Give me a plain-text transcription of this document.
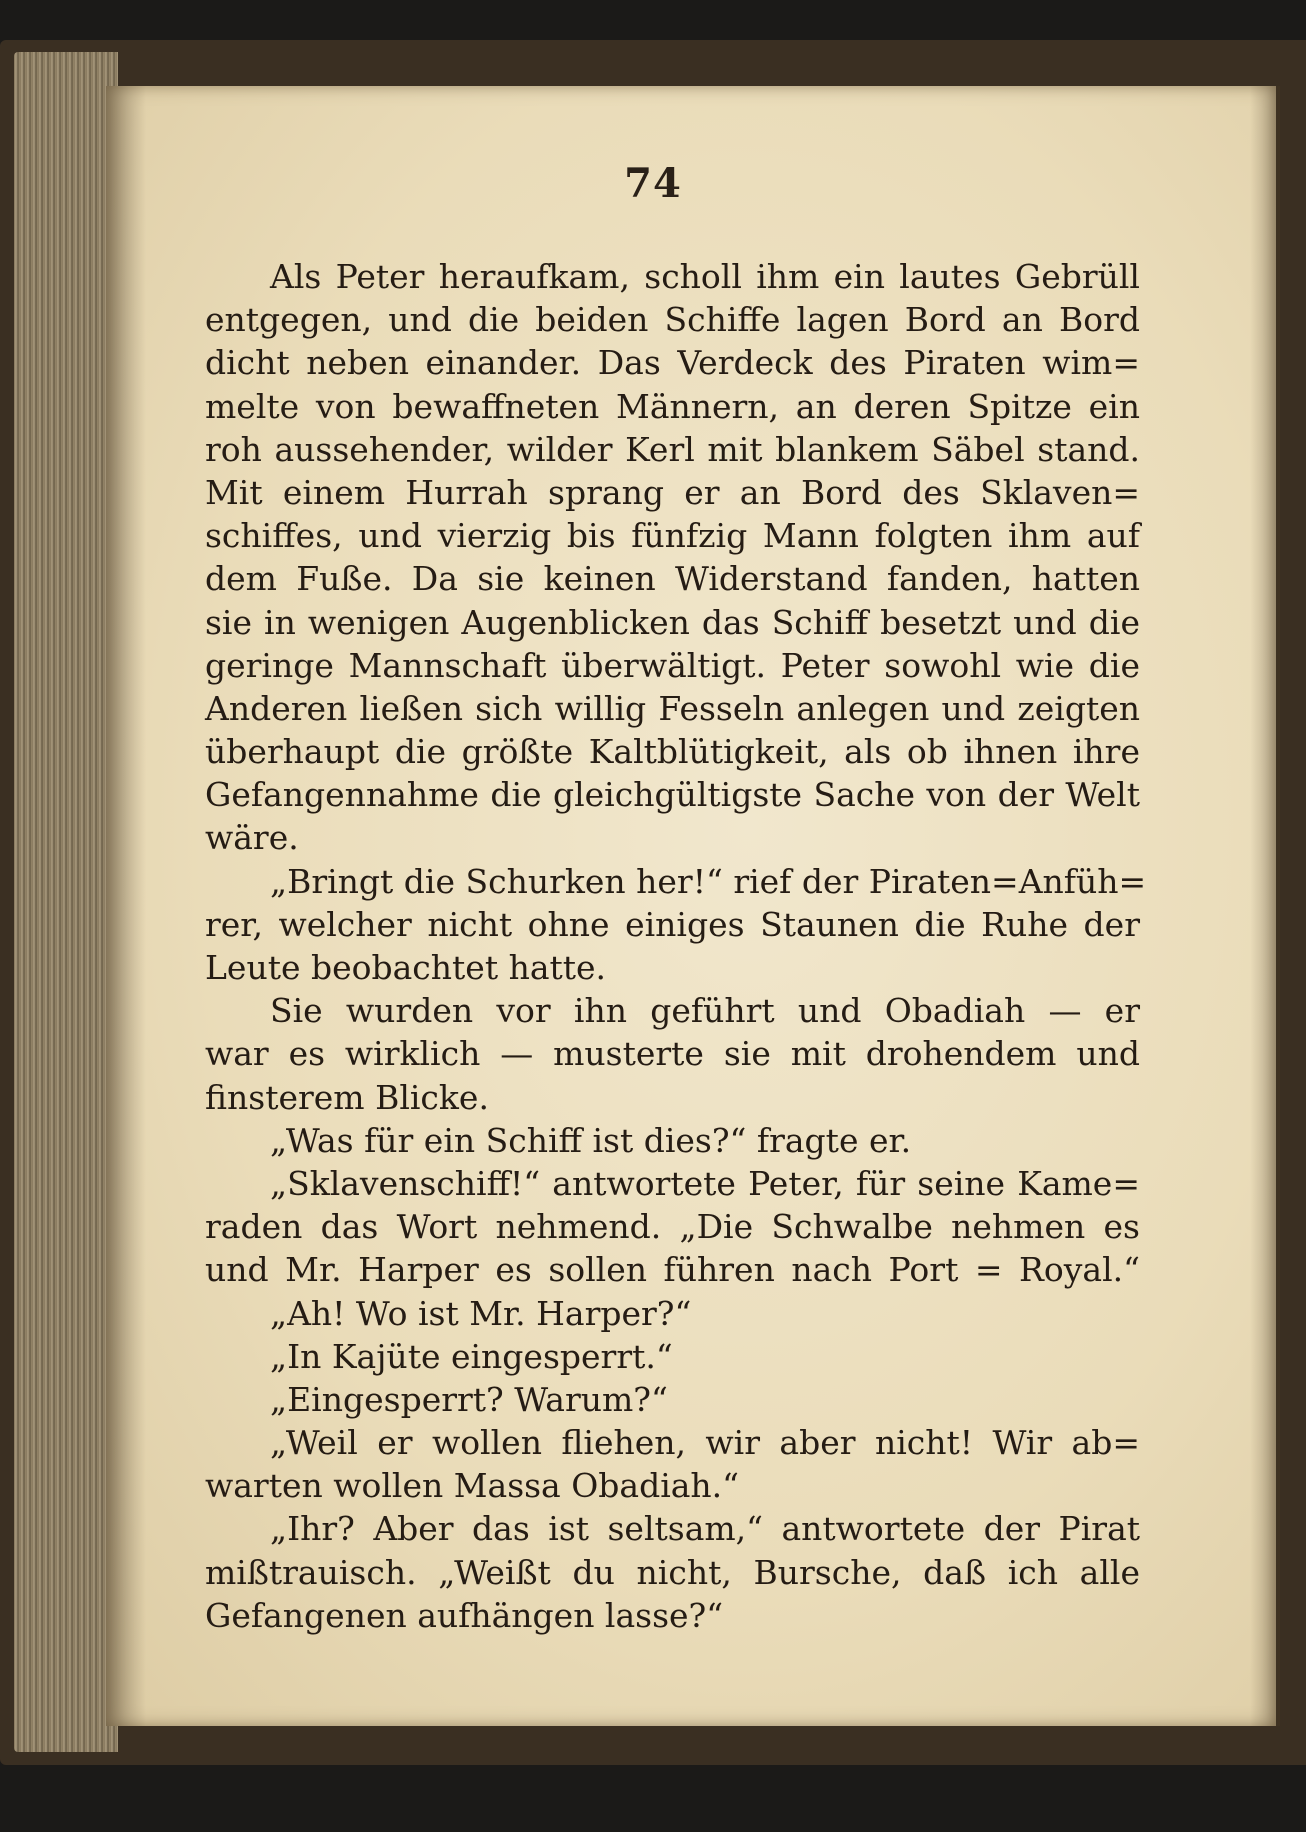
74
Als Peter heraufkam, scholl ihm ein lautes Gebrüll
entgegen, und die beiden Schiffe lagen Bord an Bord
dicht neben einander. Das Verdeck des Piraten wim=
melte von bewaffneten Männern, an deren Spitze ein
roh aussehender, wilder Kerl mit blankem Säbel stand.
Mit einem Hurrah sprang er an Bord des Sklaven=
schiffes, und vierzig bis fünfzig Mann folgten ihm auf
dem Fuße. Da sie keinen Widerstand fanden, hatten
sie in wenigen Augenblicken das Schiff besetzt und die
geringe Mannschaft überwältigt. Peter sowohl wie die
Anderen ließen sich willig Fesseln anlegen und zeigten
überhaupt die größte Kaltblütigkeit, als ob ihnen ihre
Gefangennahme die gleichgültigste Sache von der Welt
wäre.
„Bringt die Schurken her!“ rief der Piraten=Anfüh=
rer, welcher nicht ohne einiges Staunen die Ruhe der
Leute beobachtet hatte.
Sie wurden vor ihn geführt und Obadiah — er
war es wirklich — musterte sie mit drohendem und
finsterem Blicke.
„Was für ein Schiff ist dies?“ fragte er.
„Sklavenschiff!“ antwortete Peter, für seine Kame=
raden das Wort nehmend. „Die Schwalbe nehmen es
und Mr. Harper es sollen führen nach Port = Royal.“
„Ah! Wo ist Mr. Harper?“
„In Kajüte eingesperrt.“
„Eingesperrt? Warum?“
„Weil er wollen fliehen, wir aber nicht! Wir ab=
warten wollen Massa Obadiah.“
„Ihr? Aber das ist seltsam,“ antwortete der Pirat
mißtrauisch. „Weißt du nicht, Bursche, daß ich alle
Gefangenen aufhängen lasse?“
